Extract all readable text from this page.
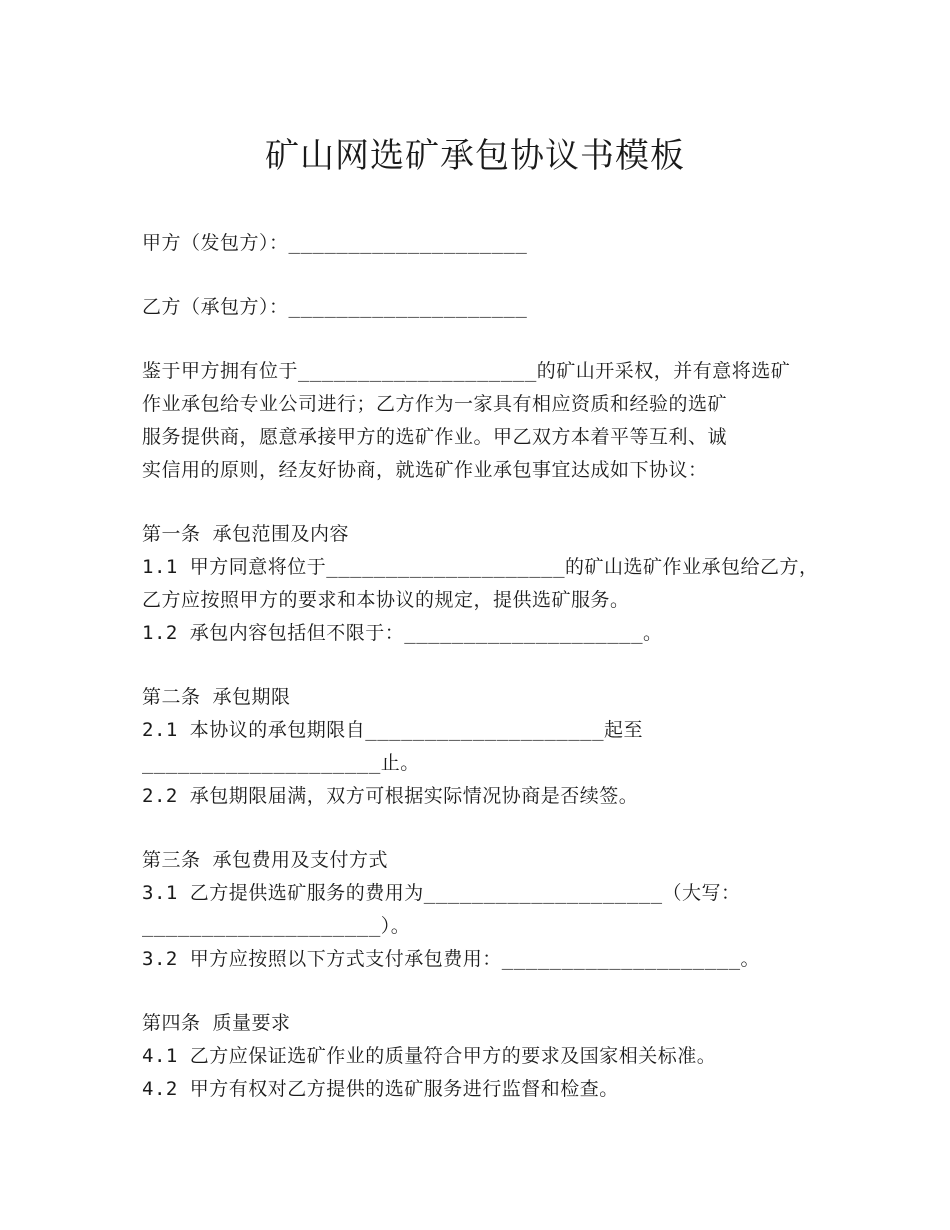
矿山网选矿承包协议书模板
甲方（发包方）：____________________
乙方（承包方）：____________________
鉴于甲方拥有位于____________________的矿山开采权，并有意将选矿
作业承包给专业公司进行；乙方作为一家具有相应资质和经验的选矿
服务提供商，愿意承接甲方的选矿作业。甲乙双方本着平等互利、诚
实信用的原则，经友好协商，就选矿作业承包事宜达成如下协议：
第一条 承包范围及内容
1.1 甲方同意将位于____________________的矿山选矿作业承包给乙方，
乙方应按照甲方的要求和本协议的规定，提供选矿服务。
1.2 承包内容包括但不限于：____________________。
第二条 承包期限
2.1 本协议的承包期限自____________________起至
____________________止。
2.2 承包期限届满，双方可根据实际情况协商是否续签。
第三条 承包费用及支付方式
3.1 乙方提供选矿服务的费用为____________________（大写：
____________________）。
3.2 甲方应按照以下方式支付承包费用：____________________。
第四条 质量要求
4.1 乙方应保证选矿作业的质量符合甲方的要求及国家相关标准。
4.2 甲方有权对乙方提供的选矿服务进行监督和检查。
